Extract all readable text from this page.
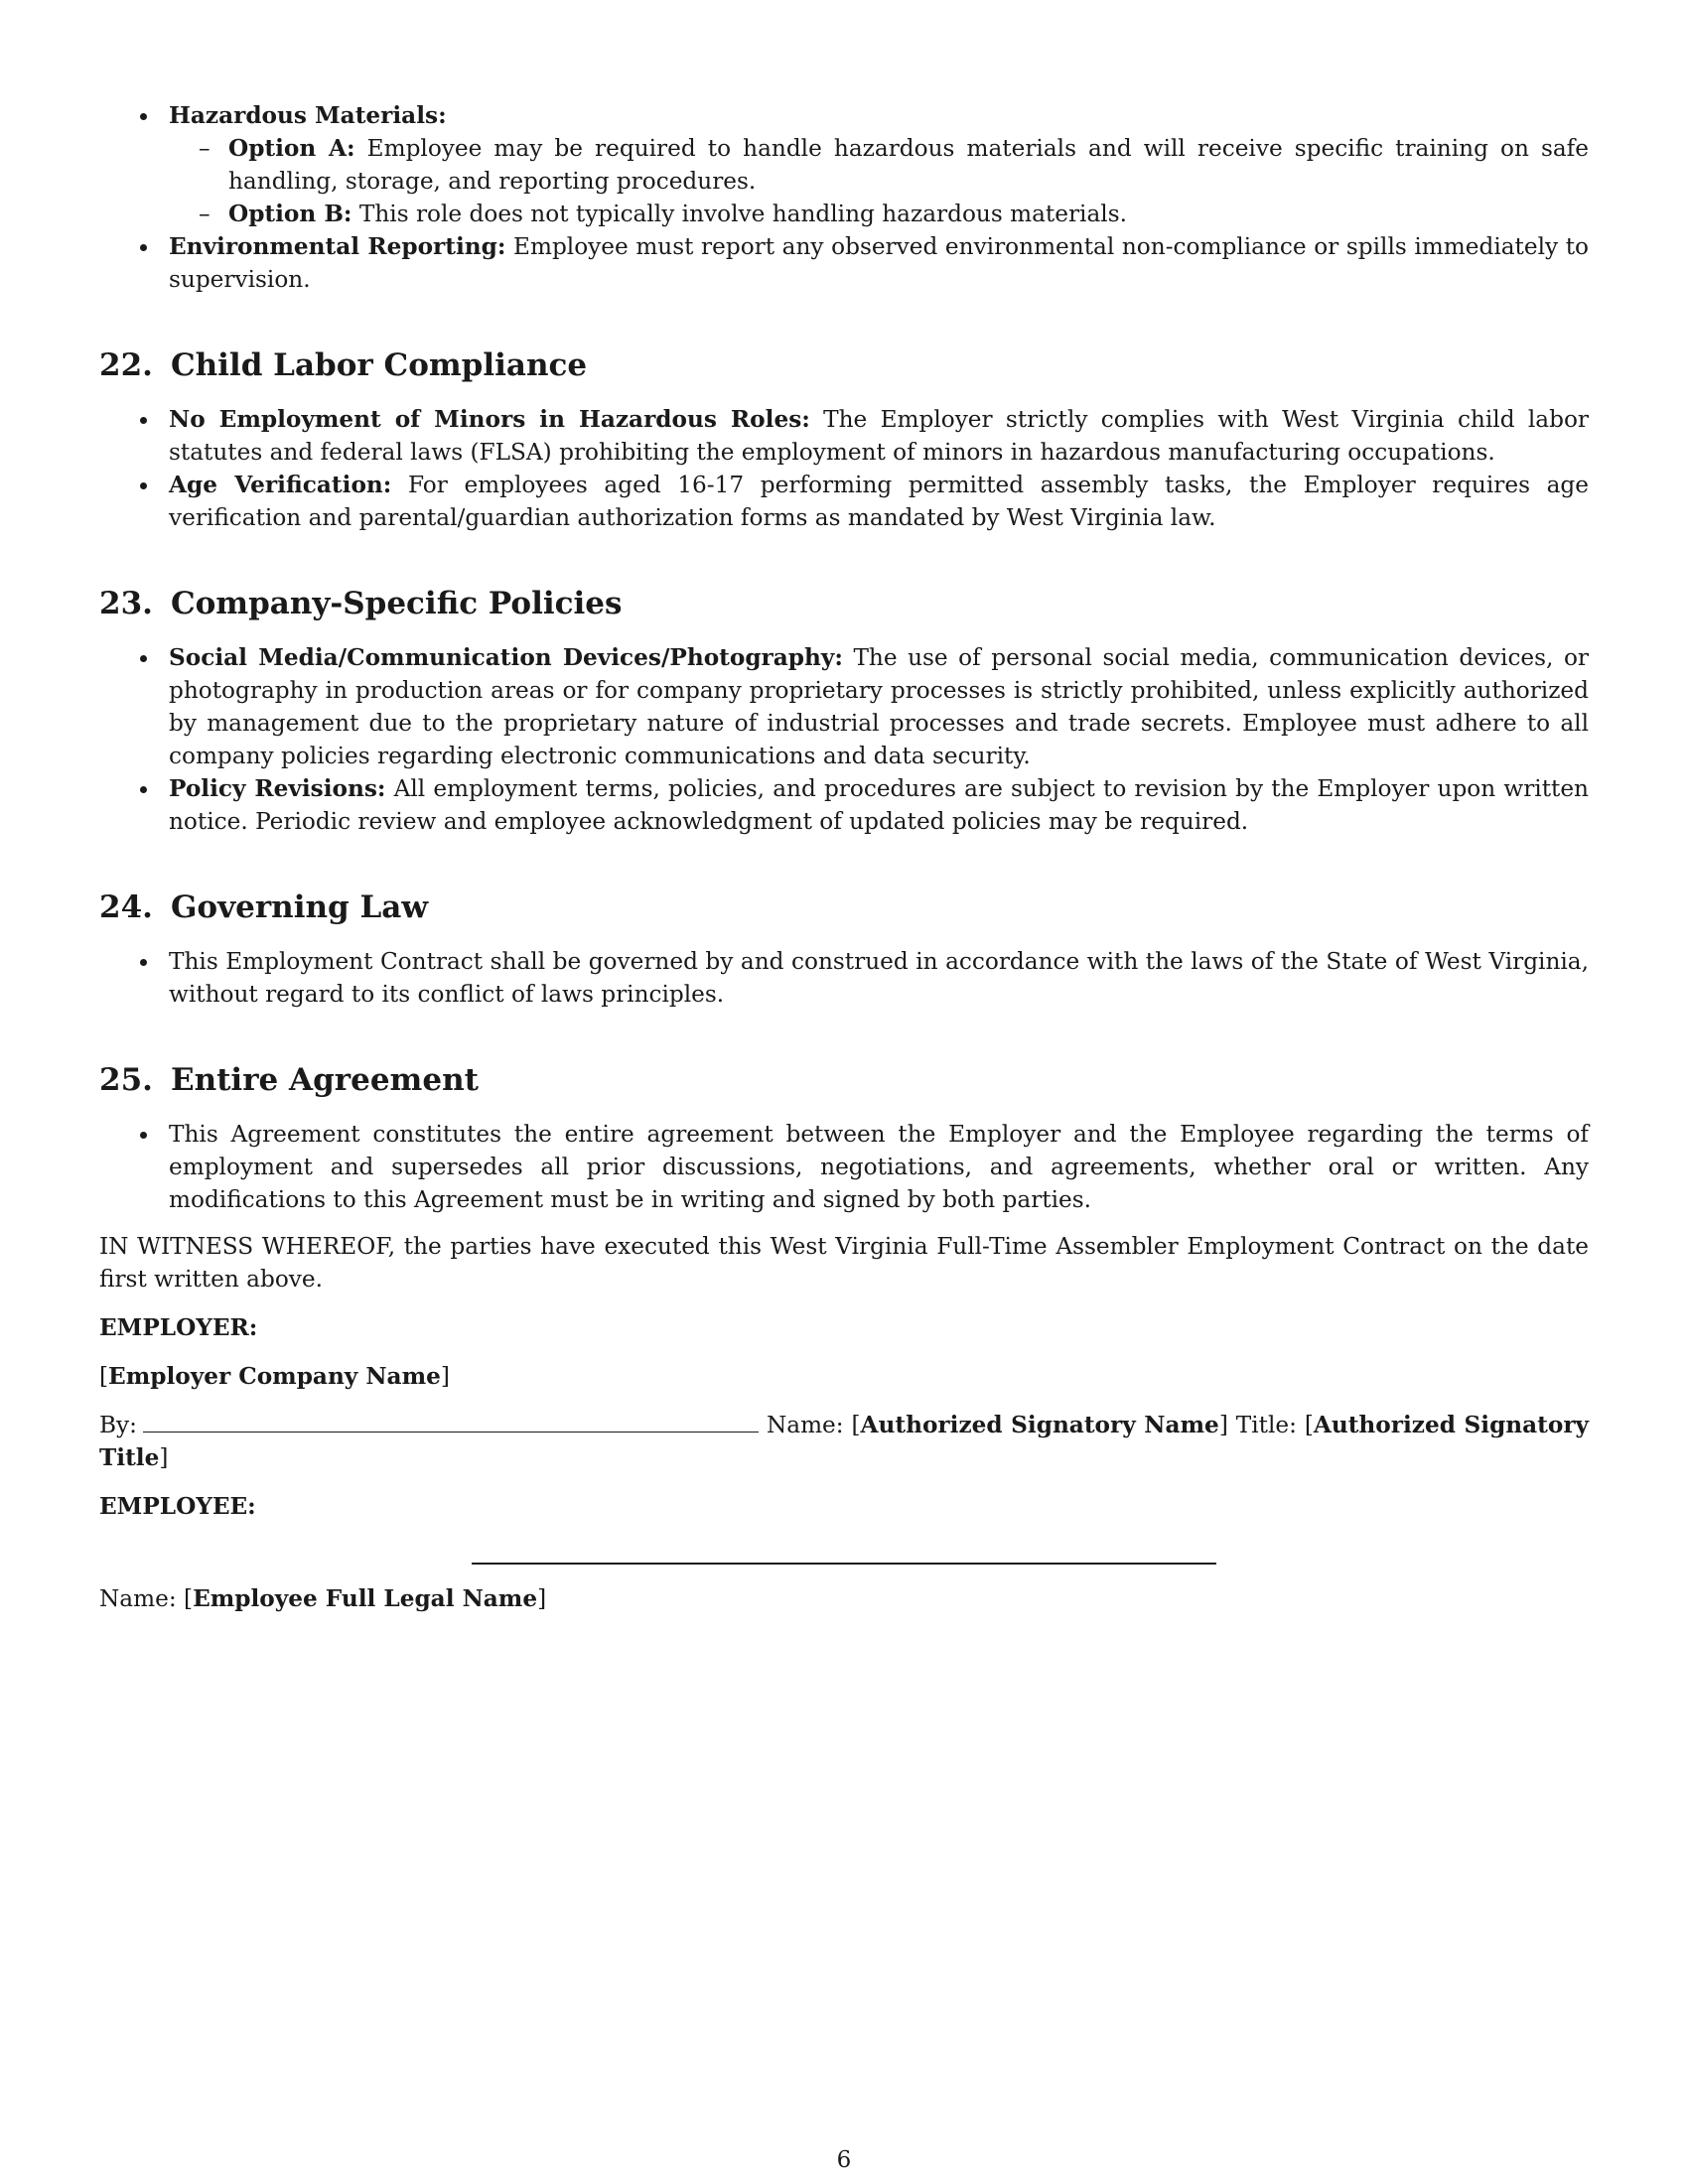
Hazardous Materials:
– Option A: Employee may be required to handle hazardous materials and will receive specific training on safe handling, storage, and reporting procedures.
– Option B: This role does not typically involve handling hazardous materials.
Environmental Reporting: Employee must report any observed environmental non-compliance or spills immediately to supervision.
22. Child Labor Compliance
No Employment of Minors in Hazardous Roles: The Employer strictly complies with West Virginia child labor statutes and federal laws (FLSA) prohibiting the employment of minors in hazardous manufacturing occupations.
Age Verification: For employees aged 16-17 performing permitted assembly tasks, the Employer requires age verification and parental/guardian authorization forms as mandated by West Virginia law.
23. Company-Specific Policies
Social Media/Communication Devices/Photography: The use of personal social media, communication devices, or photography in production areas or for company proprietary processes is strictly prohibited, unless explicitly authorized by management due to the proprietary nature of industrial processes and trade secrets. Employee must adhere to all company policies regarding electronic communications and data security.
Policy Revisions: All employment terms, policies, and procedures are subject to revision by the Employer upon written notice. Periodic review and employee acknowledgment of updated policies may be required.
24. Governing Law
This Employment Contract shall be governed by and construed in accordance with the laws of the State of West Virginia, without regard to its conflict of laws principles.
25. Entire Agreement
This Agreement constitutes the entire agreement between the Employer and the Employee regarding the terms of employment and supersedes all prior discussions, negotiations, and agreements, whether oral or written. Any modifications to this Agreement must be in writing and signed by both parties.

IN WITNESS WHEREOF, the parties have executed this West Virginia Full-Time Assembler Employment Contract on the date first written above.

EMPLOYER:

[Employer Company Name]

By:	Name: [Authorized Signatory Name] Title: [Authorized Signatory Title]

EMPLOYEE:

Name: [Employee Full Legal Name]

6
